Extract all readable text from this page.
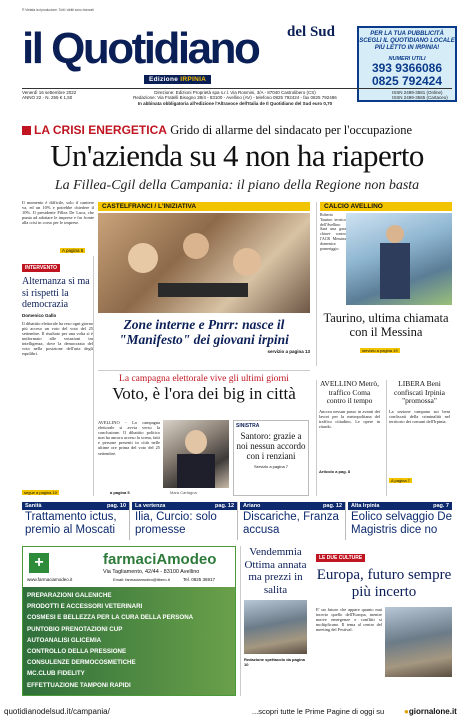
® Vietata la riproduzione. Tutti i diritti sono riservati
il Quotidiano	del Sud
Edizione IRPINIA
PER LA TUA PUBBLICITÀ SCEGLI IL QUOTIDIANO LOCALE PIÙ LETTO IN IRPINIA!
NUMERI UTILI
393 9366086
0825 792424
Venerdì 16 settembre 2022
ANNO 22 - N. 255 € 1,50
Direzione: Edizioni Proprietà spa s.r.l. Via Rosmini, 3/A - 87040 Castrolibero (CS)
Redazione: Via Fratelli Bisogno 38/4 - 83100 - Avellino (AV) - telefono 0825 792424 - fax 0825 792486
In abbinata obbligatoria all'edizione l'Altravoce dell'Italia de Il Quotidiano del Sud euro 0,70
ISSN 2499-3581 (Online)
ISSN 2499-3565 (Cartaceo)
LA CRISI ENERGETICA Grido di allarme del sindacato per l'occupazione
Un'azienda su 4 non ha riaperto
La Fillea-Cgil della Campania: il piano della Regione non basta
Il momento è difficile, solo il cantiere va, ed un 10% e potrebbe chiedere il 10%. Il presidente Fillea De Luca, che punta ad adottare le imprese e far fronte alla crisi in corso per le imprese.
A pagina 6
INTERVENTO
Alternanza sì ma si rispetti la democrazia
Domenico Gallo
Il dibattito elettorale ha reso ogni giorno più acceso un voto del voto del 25 settembre. Il risultato per una volta si è uniformato alle votazioni tra intelligenza, dove la democrazia del voto nella posizione dell'aria degli equilibri.
segue a pagina 10
CASTELFRANCI / L'INIZIATIVA
Zone interne e Pnrr: nasce il "Manifesto" dei giovani irpini
servizio a pagina 13
CALCIO AVELLINO
Roberto Taurino tecnico dell'Avellino Sarà una gara chiave contro l'ACR Messina domenica pomeriggio
Taurino, ultima chiamata con il Messina
servizio a pagina 19
La campagna elettorale vive gli ultimi giorni
Voto, è l'ora dei big in città
AVELLINO - La campagna elettorale si avvia verso la conclusione. Il dibattito politico non ha ancora acceso la scena, fatti e persone presenti in città nelle ultime ore prima del voto del 25 settembre.
Mara Carfagna
a pagina 5
SINISTRA
Santoro: grazie a noi nessun accordo con i renziani
Servizio a pagina 7
AVELLINO Metrò, traffico Coma contro il tempo
Ancora nessun passo in avanti dei lavori per la metropolitana del traffico cittadino. Le opere in ritardo.
Articolo a pag. 8
LIBERA Beni confiscati Irpinia "promossa"
La sezione campana sui beni confiscati della criminalità nel territorio dei comuni dell'Irpinia.
A pagina 7
Sanità	pag. 10
Trattamento ictus, premio al Moscati
La vertenza	pag. 12
Ilia, Curcio: solo promesse
Ariano	pag. 12
Discariche, Franza accusa
Alta Irpinia	pag. 7
Eolico selvaggio De Magistris dice no
+	farmaciAmodeo
Via Tagliamento, 42/44 - 83100 Avellino
www.farmaciamodeo.it	Tel. 0825 36917
Email: farmaciamodeo@libero.it
PREPARAZIONI GALENICHE
PRODOTTI E ACCESSORI VETERINARI
COSMESI E BELLEZZA PER LA CURA DELLA PERSONA
PUNTOBIO PRENOTAZIONI CUP
AUTOANALISI GLICEMIA
CONTROLLO DELLA PRESSIONE
CONSULENZE DERMOCOSMETICHE
MC.CLUB FIDELITY
EFFETTUAZIONE TAMPONI RAPIDI
Vendemmia Ottima annata ma prezzi in salita
Redazione spettacolo da pagina 10
LE DUE CULTURE
Europa, futuro sempre più incerto
E' un futuro che appare quanto mai incerto quello dell'Europa, mentre nuove emergenze e conflitti si moltiplicano. Il tema al centro del meeting del Festival.
quotidianodelsud.it/campania/	...scopri tutte le Prime Pagine di oggi su ●giornalone.it
